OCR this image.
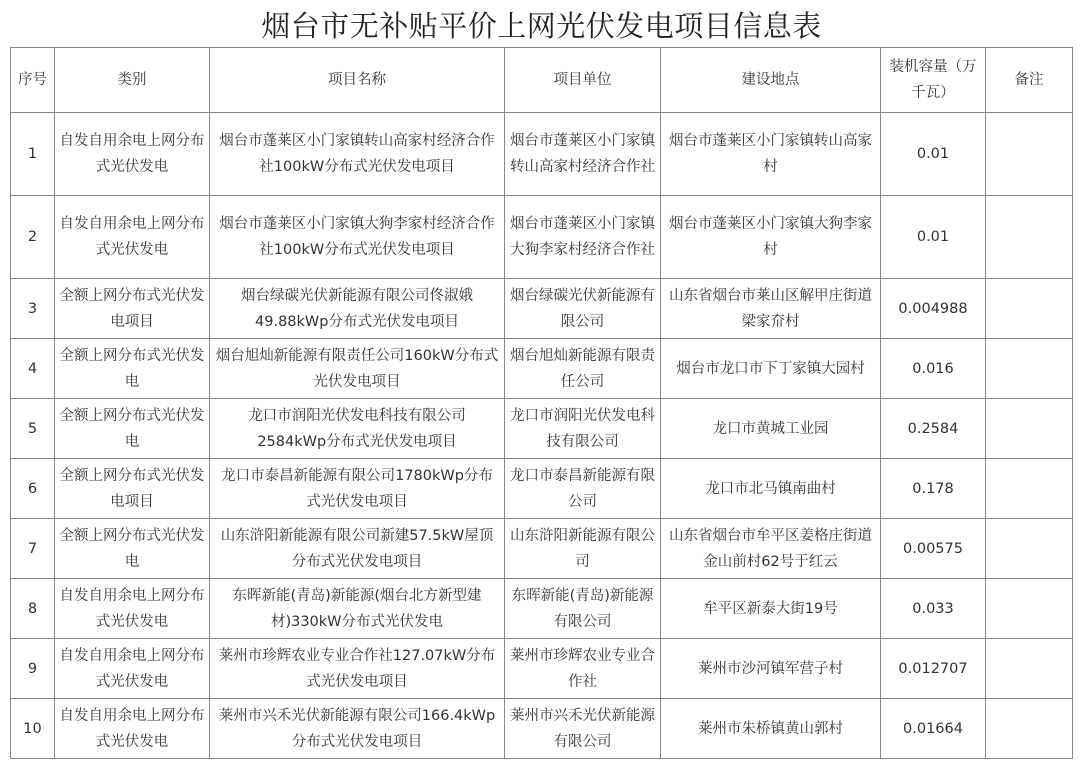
烟台市无补贴平价上网光伏发电项目信息表
序号	类别	项目名称	项目单位	建设地点	装机容量（万千瓦）	备注
1	自发自用余电上网分布式光伏发电	烟台市蓬莱区小门家镇转山高家村经济合作社100kW分布式光伏发电项目	烟台市蓬莱区小门家镇转山高家村经济合作社	烟台市蓬莱区小门家镇转山高家村	0.01	
2	自发自用余电上网分布式光伏发电	烟台市蓬莱区小门家镇大狗李家村经济合作社100kW分布式光伏发电项目	烟台市蓬莱区小门家镇大狗李家村经济合作社	烟台市蓬莱区小门家镇大狗李家村	0.01	
3	全额上网分布式光伏发电项目	烟台绿碳光伏新能源有限公司佟淑娥49.88kWp分布式光伏发电项目	烟台绿碳光伏新能源有限公司	山东省烟台市莱山区解甲庄街道梁家夼村	0.004988	
4	全额上网分布式光伏发电	烟台旭灿新能源有限责任公司160kW分布式光伏发电项目	烟台旭灿新能源有限责任公司	烟台市龙口市下丁家镇大园村	0.016	
5	全额上网分布式光伏发电	龙口市润阳光伏发电科技有限公司2584kWp分布式光伏发电项目	龙口市润阳光伏发电科技有限公司	龙口市黄城工业园	0.2584	
6	全额上网分布式光伏发电项目	龙口市泰昌新能源有限公司1780kWp分布式光伏发电项目	龙口市泰昌新能源有限公司	龙口市北马镇南曲村	0.178	
7	全额上网分布式光伏发电	山东浒阳新能源有限公司新建57.5kW屋顶分布式光伏发电项目	山东浒阳新能源有限公司	山东省烟台市牟平区姜格庄街道金山前村62号于红云	0.00575	
8	自发自用余电上网分布式光伏发电	东晖新能(青岛)新能源(烟台北方新型建材)330kW分布式光伏发电	东晖新能(青岛)新能源有限公司	牟平区新泰大街19号	0.033	
9	自发自用余电上网分布式光伏发电	莱州市珍辉农业专业合作社127.07kW分布式光伏发电项目	莱州市珍辉农业专业合作社	莱州市沙河镇军营子村	0.012707	
10	自发自用余电上网分布式光伏发电	莱州市兴禾光伏新能源有限公司166.4kWp分布式光伏发电项目	莱州市兴禾光伏新能源有限公司	莱州市朱桥镇黄山郭村	0.01664	
